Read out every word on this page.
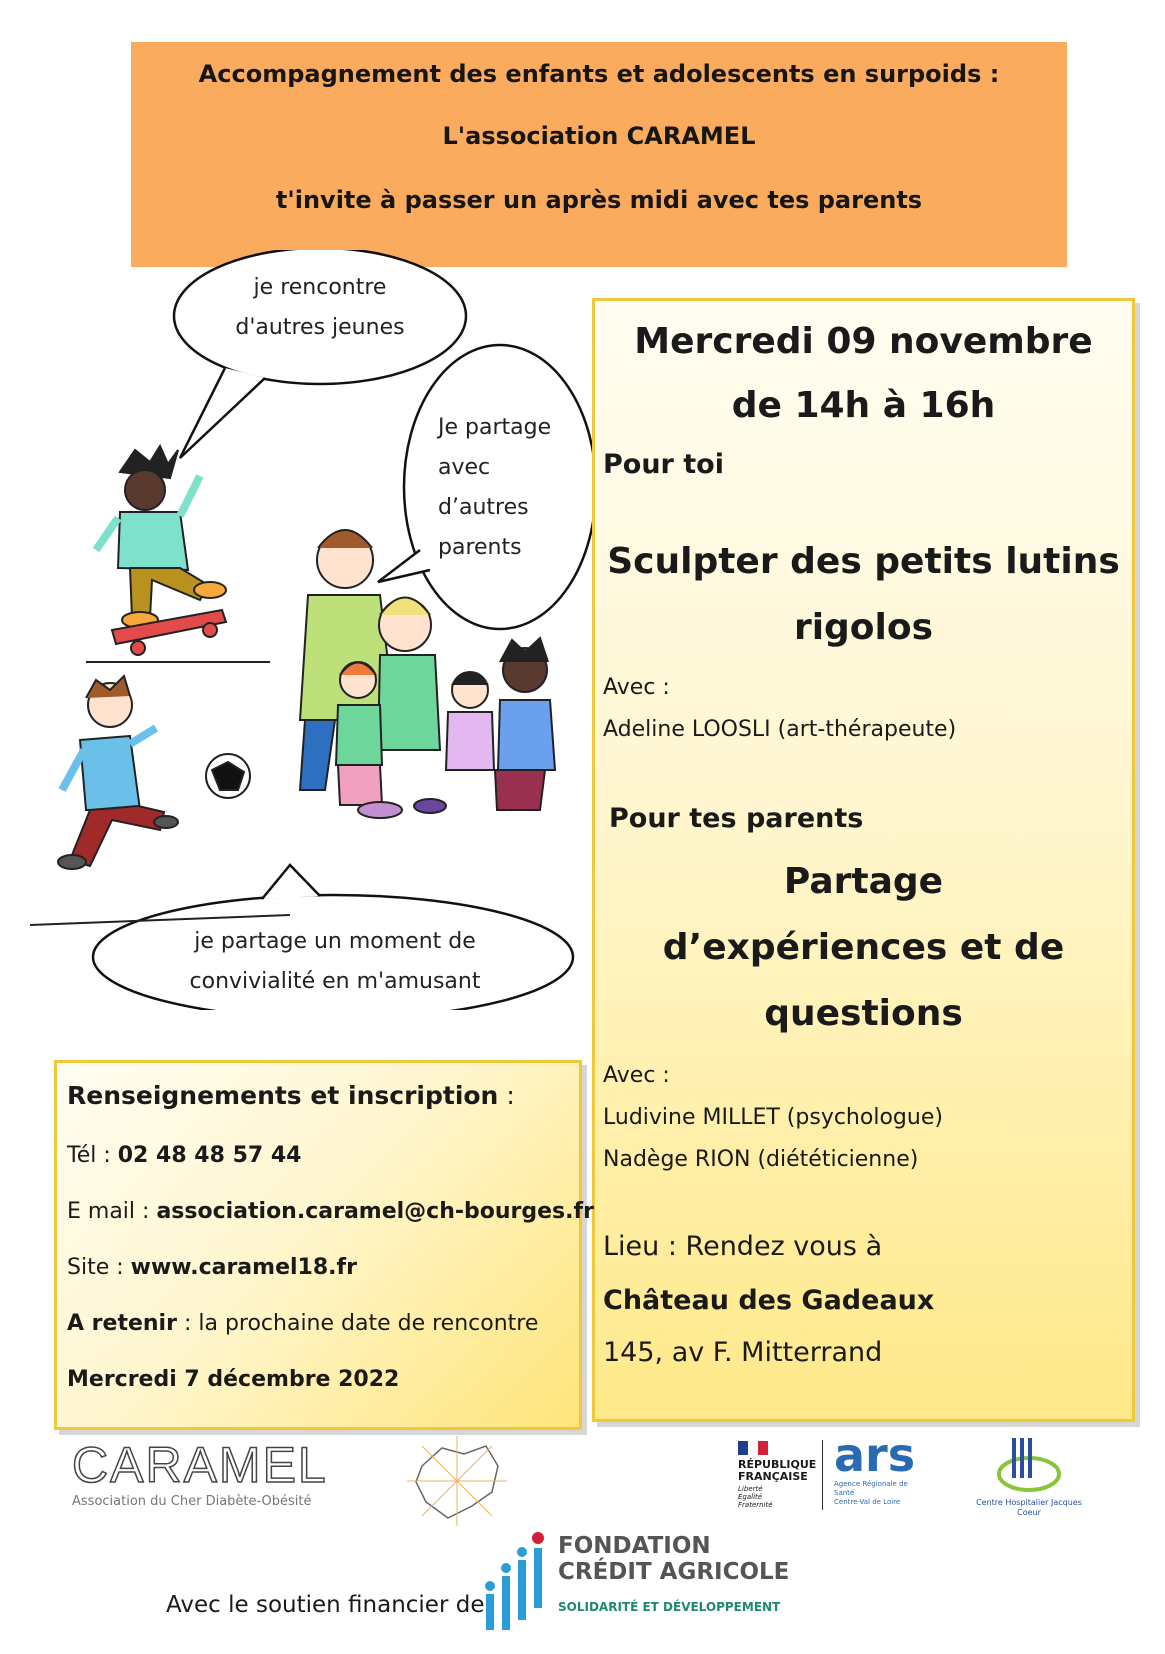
Accompagnement des enfants et adolescents en surpoids :

L'association CARAMEL

t'invite à passer un après midi avec tes parents

je rencontre
d'autres jeunes
Je partage
avec
d’autres
parents
je partage un moment de
convivialité en m'amusant
Mercredi 09 novembre
de 14h à 16h
Pour toi
Sculpter des petits lutins
rigolos
Avec :
Adeline LOOSLI (art-thérapeute)
Pour tes parents
Partage
d’expériences et de
questions
Avec :
Ludivine MILLET (psychologue)
Nadège RION (diététicienne)
Lieu : Rendez vous à
Château des Gadeaux
145, av F. Mitterrand
Renseignements et inscription :
Tél : 02 48 48 57 44
E mail : association.caramel@ch-bourges.fr
Site : www.caramel18.fr
A retenir : la prochaine date de rencontre
Mercredi 7 décembre 2022
CARAMEL
Association du Cher Diabète-Obésité
RÉPUBLIQUE
FRANÇAISE
Liberté
Égalité
Fraternité
ars
Agence Régionale de Santé
Centre-Val de Loire	Centre Hospitalier Jacques Coeur
Avec le soutien financier de
FONDATION
CRÉDIT AGRICOLE
SOLIDARITÉ ET DÉVELOPPEMENT
